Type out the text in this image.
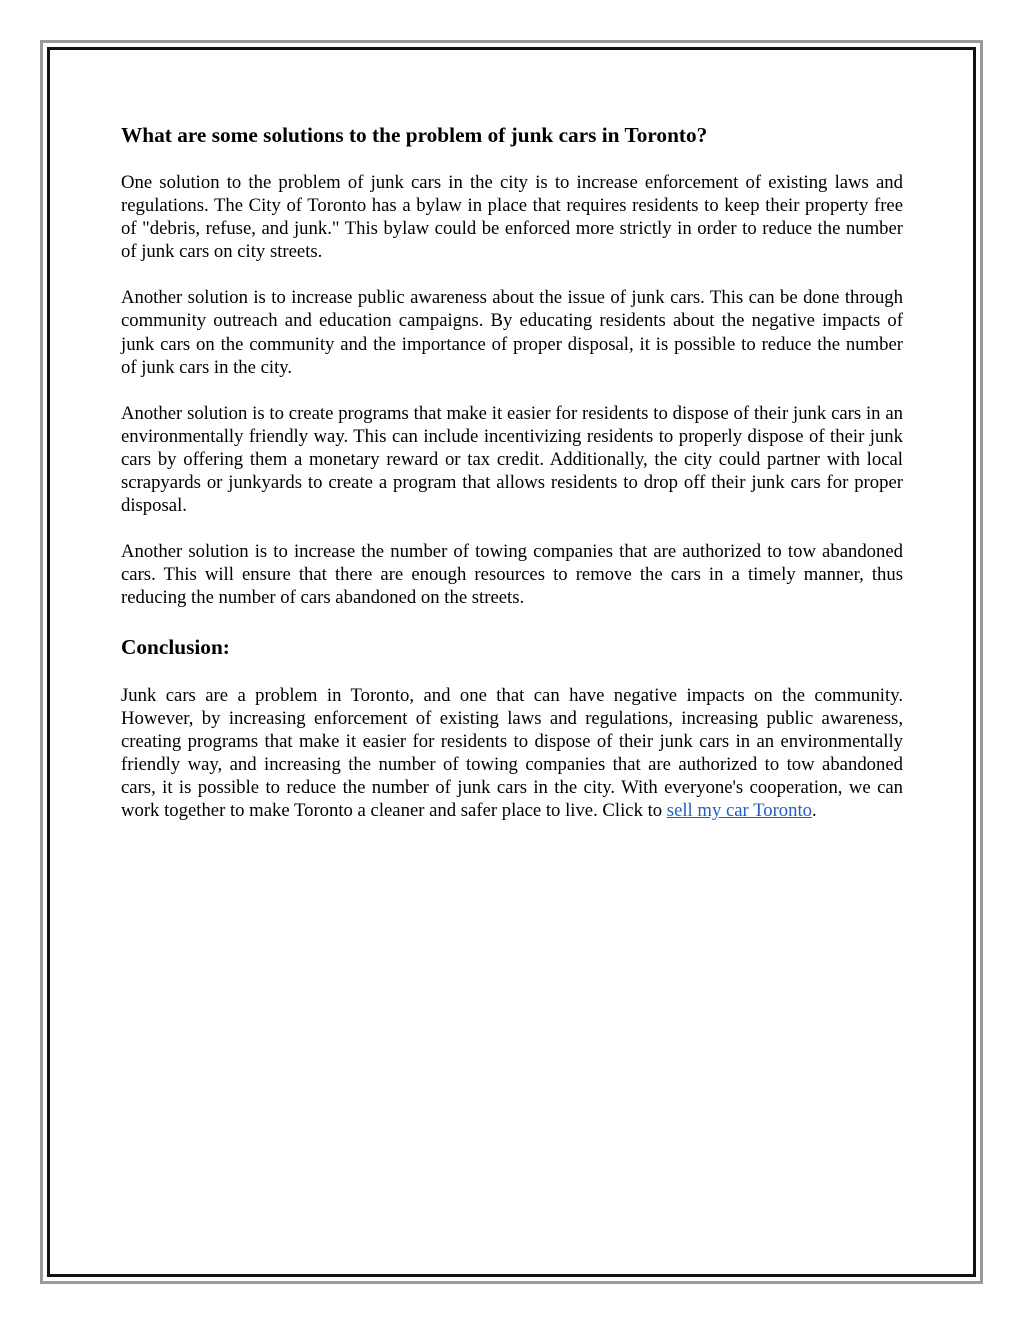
What are some solutions to the problem of junk cars in Toronto?

One solution to the problem of junk cars in the city is to increase enforcement of existing laws and regulations. The City of Toronto has a bylaw in place that requires residents to keep their property free of "debris, refuse, and junk." This bylaw could be enforced more strictly in order to reduce the number of junk cars on city streets.

Another solution is to increase public awareness about the issue of junk cars. This can be done through community outreach and education campaigns. By educating residents about the negative impacts of junk cars on the community and the importance of proper disposal, it is possible to reduce the number of junk cars in the city.

Another solution is to create programs that make it easier for residents to dispose of their junk cars in an environmentally friendly way. This can include incentivizing residents to properly dispose of their junk cars by offering them a monetary reward or tax credit. Additionally, the city could partner with local scrapyards or junkyards to create a program that allows residents to drop off their junk cars for proper disposal.

Another solution is to increase the number of towing companies that are authorized to tow abandoned cars. This will ensure that there are enough resources to remove the cars in a timely manner, thus reducing the number of cars abandoned on the streets.

Conclusion:

Junk cars are a problem in Toronto, and one that can have negative impacts on the community. However, by increasing enforcement of existing laws and regulations, increasing public awareness, creating programs that make it easier for residents to dispose of their junk cars in an environmentally friendly way, and increasing the number of towing companies that are authorized to tow abandoned cars, it is possible to reduce the number of junk cars in the city. With everyone's cooperation, we can work together to make Toronto a cleaner and safer place to live. Click to sell my car Toronto.
